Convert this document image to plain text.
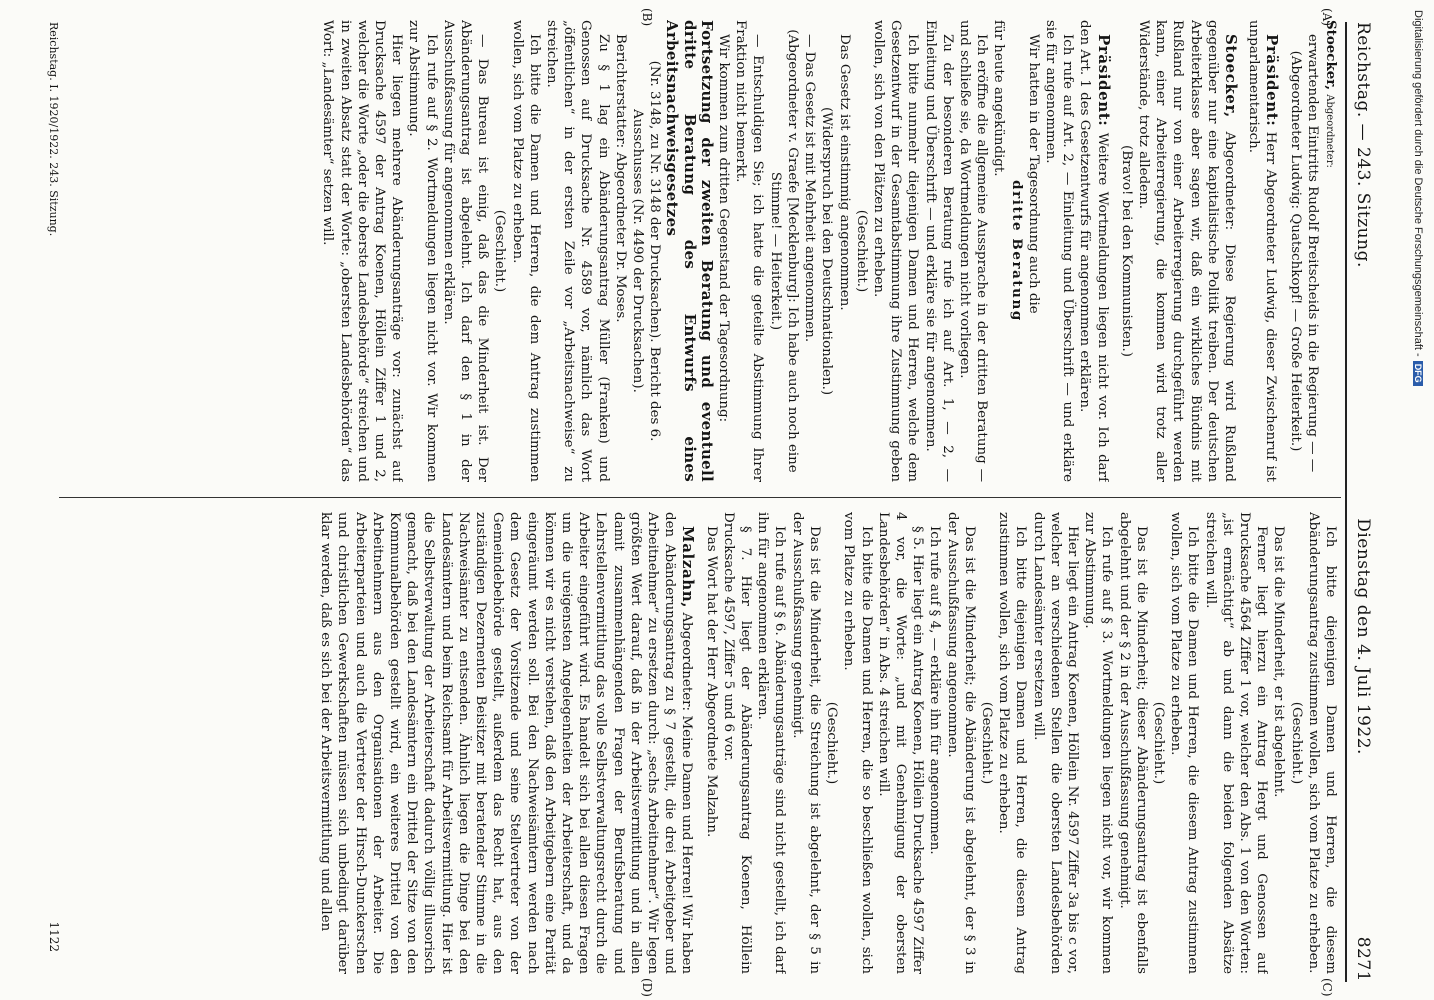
Reichstag. — 243. Sitzung.
Dienstag den 4. Juli 1922.  8271
(A)
(B)
(C)
(D)

Stoecker, Abgeordneter:

erwartenden Eintritts Rudolf Breitscheids in die Regierung — —

(Abgeordneter Ludwig: Quatschkopf! — Große Heiterkeit.)

Präsident: Herr Abgeordneter Ludwig, dieser Zwischenruf ist unparlamentarisch.

Stoecker, Abgeordneter: Diese Regierung wird Rußland gegenüber nur eine kapitalistische Politik treiben. Der deutschen Arbeiterklasse aber sagen wir, daß ein wirkliches Bündnis mit Rußland nur von einer Arbeiterregierung durchgeführt werden kann, einer Arbeiterregierung, die kommen wird trotz aller Widerstände, trotz alledem.

(Bravo! bei den Kommunisten.)

Präsident: Weitere Wortmeldungen liegen nicht vor. Ich darf den Art. 1 des Gesetzentwurfs für angenommen erklären.

Ich rufe auf Art. 2, — Einleitung und Überschrift — und erkläre sie für angenommen.

Wir hatten in der Tagesordnung auch die

dritte Beratung

für heute angekündigt.

Ich eröffne die allgemeine Aussprache in der dritten Beratung — und schließe sie, da Wortmeldungen nicht vorliegen.

Zu der besonderen Beratung rufe ich auf Art. 1, — 2, — Einleitung und Überschrift — und erkläre sie für angenommen.

Ich bitte nunmehr diejenigen Damen und Herren, welche dem Gesetzentwurf in der Gesamtabstimmung ihre Zustimmung geben wollen, sich von den Plätzen zu erheben.

(Geschieht.)

Das Gesetz ist einstimmig angenommen.

(Widerspruch bei den Deutschnationalen.)

— Das Gesetz ist mit Mehrheit angenommen.

(Abgeordneter v. Graefe [Mecklenburg]: Ich habe auch noch eine Stimme! — Heiterkeit.)

— Entschuldigen Sie; ich hatte die geteilte Abstimmung Ihrer Fraktion nicht bemerkt.

Wir kommen zum dritten Gegenstand der Tagesordnung:

Fortsetzung der zweiten Beratung und eventuell dritte Beratung des Entwurfs eines Arbeitsnachweisgesetzes

(Nr. 3148, zu Nr. 3148 der Drucksachen). Bericht des 6. Ausschusses (Nr. 4490 der Drucksachen).

Berichterstatter: Abgeordneter Dr. Moses.

Zu § 1 lag ein Abänderungsantrag Müller (Franken) und Genossen auf Drucksache Nr. 4589 vor, nämlich das Wort „öffentlichen“ in der ersten Zeile vor „Arbeitsnachweise“ zu streichen.

Ich bitte die Damen und Herren, die dem Antrag zustimmen wollen, sich vom Platze zu erheben.

(Geschieht.)

— Das Bureau ist einig, daß das die Minderheit ist. Der Abänderungsantrag ist abgelehnt. Ich darf den § 1 in der Ausschußfassung für angenommen erklären.

Ich rufe auf § 2. Wortmeldungen liegen nicht vor. Wir kommen zur Abstimmung.

Hier liegen mehrere Abänderungsanträge vor: zunächst auf Drucksache 4597 der Antrag Koenen, Höllein Ziffer 1 und 2, welcher die Worte „oder die oberste Landesbehörde“ streichen und in zweiten Absatz statt der Worte: „obersten Landesbehörden“ das Wort: „Landesämter“ setzen will.

Ich bitte diejenigen Damen und Herren, die diesem Abänderungsantrag zustimmen wollen, sich vom Platze zu erheben.

(Geschieht.)

Das ist die Minderheit, er ist abgelehnt.

Ferner liegt hierzu ein Antrag Hergt und Genossen auf Drucksache 4564 Ziffer 1 vor, welcher den Abs. 1 von den Worten: „ist ermächtigt“ ab und dann die beiden folgenden Absätze streichen will.

Ich bitte die Damen und Herren, die diesem Antrag zustimmen wollen, sich vom Platze zu erheben.

(Geschieht.)

Das ist die Minderheit; dieser Abänderungsantrag ist ebenfalls abgelehnt und der § 2 in der Ausschußfassung genehmigt.

Ich rufe auf § 3. Wortmeldungen liegen nicht vor, wir kommen zur Abstimmung.

Hier liegt ein Antrag Koenen, Höllein Nr. 4597 Ziffer 3a bis c vor, welcher an verschiedenen Stellen die obersten Landesbehörden durch Landesämter ersetzen will.

Ich bitte diejenigen Damen und Herren, die diesem Antrag zustimmen wollen, sich vom Platze zu erheben.

(Geschieht.)

Das ist die Minderheit; die Abänderung ist abgelehnt, der § 3 in der Ausschußfassung angenommen.

Ich rufe auf § 4, — erkläre ihn für angenommen.

§ 5. Hier liegt ein Antrag Koenen, Höllein Drucksache 4597 Ziffer 4 vor, die Worte: „und mit Genehmigung der obersten Landesbehörden“ in Abs. 4 streichen will.

Ich bitte die Damen und Herren, die so beschließen wollen, sich vom Platze zu erheben.

(Geschieht.)

Das ist die Minderheit, die Streichung ist abgelehnt, der § 5 in der Ausschußfassung genehmigt.

Ich rufe auf § 6. Abänderungsanträge sind nicht gestellt, ich darf ihn für angenommen erklären.

§ 7. Hier liegt der Abänderungsantrag Koenen, Höllein Drucksache 4597, Ziffer 5 und 6 vor.

Das Wort hat der Herr Abgeordnete Malzahn.

Malzahn, Abgeordneter: Meine Damen und Herren! Wir haben den Abänderungsantrag zu § 7 gestellt, die drei Arbeitgeber und Arbeitnehmer“ zu ersetzen durch: „sechs Arbeitnehmer“. Wir legen größten Wert darauf, daß in der Arbeitsvermittlung und in allen damit zusammenhängenden Fragen der Berufsberatung und Lehrstellenvermittlung das volle Selbstverwaltungsrecht durch die Arbeiter eingeführt wird. Es handelt sich bei allen diesen Fragen um die ureigensten Angelegenheiten der Arbeiterschaft, und da können wir es nicht verstehen, daß den Arbeitgebern eine Parität eingeräumt werden soll. Bei den Nachweisämtern werden nach dem Gesetz der Vorsitzende und seine Stellvertreter von der Gemeindebehörde gestellt, außerdem das Recht hat, aus den zuständigen Dezernenten Beisitzer mit beratender Stimme in die Nachweisämter zu entsenden. Ähnlich liegen die Dinge bei den Landesämtern und beim Reichsamt für Arbeitsvermittlung. Hier ist die Selbstverwaltung der Arbeiterschaft dadurch völlig illusorisch gemacht, daß bei den Landesämtern ein Drittel der Sitze von den Kommunalbehörden gestellt wird, ein weiteres Drittel von den Arbeitnehmern aus den Organisationen der Arbeiter. Die Arbeiterparteien und auch die Vertreter der Hirsch-Dunckerschen und christlichen Gewerkschaften müssen sich unbedingt darüber klar werden, daß es sich bei der Arbeitsvermittlung und allen

Reichstag. I. 1920/1922. 243. Sitzung.
1122
Digitalisierung gefördert durch die Deutsche Forschungsgemeinschaft -DFG
